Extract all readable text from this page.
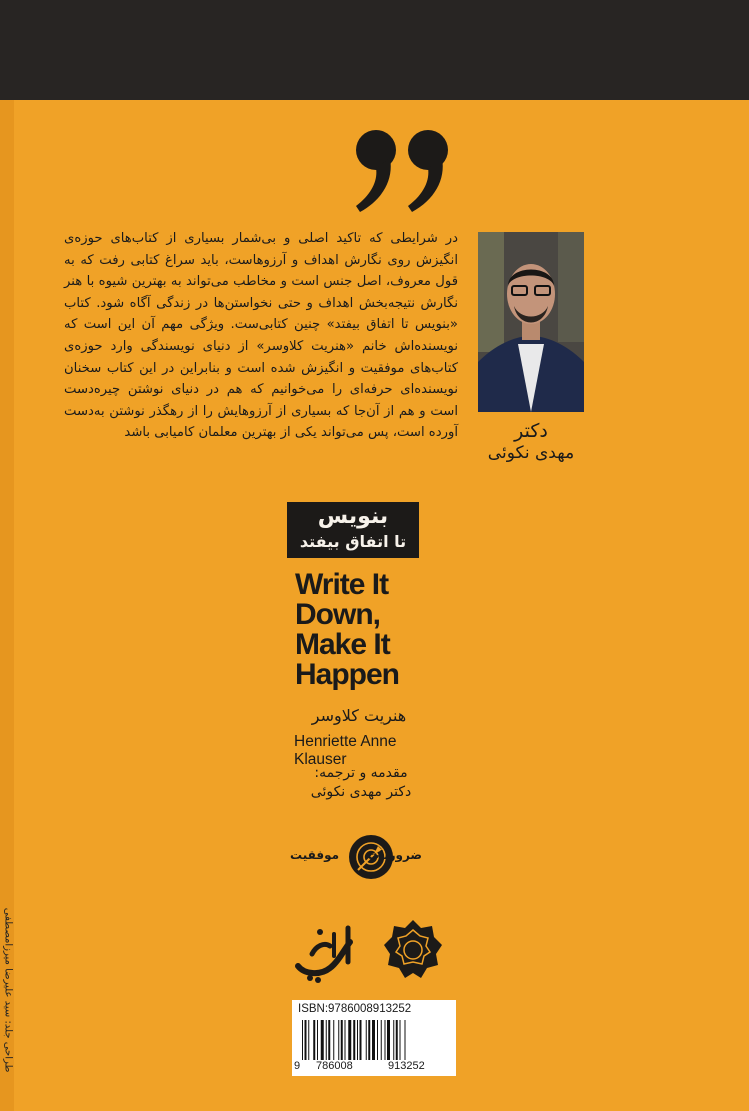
در شرایطی که تاکید اصلی و بی‌شمار بسیاری از کتاب‌های حوزه‌ی انگیزش روی نگارش اهداف و آرزوهاست، باید سراغ کتابی رفت که به قول معروف، اصل جنس است و مخاطب می‌تواند به بهترین شیوه با هنر نگارش نتیجه‌بخش اهداف و حتی نخواستن‌ها در زندگی آگاه شود. کتاب «بنویس تا اتفاق بیفتد» چنین کتابی‌ست. ویژگی مهم آن این است که نویسنده‌اش خانم «هنریت کلاوسر» از دنیای نویسندگی وارد حوزه‌ی کتاب‌های موفقیت و انگیزش شده است و بنابراین در این کتاب سخنان نویسنده‌ای حرفه‌ای را می‌خوانیم که هم در دنیای نوشتن چیره‌دست است و هم از آن‌جا که بسیاری از آرزوهایش را از رهگذر نوشتن به‌دست آورده است، پس می‌تواند یکی از بهترین معلمان کامیابی باشد	دکتر
مهدی نکوئی
بنویس
تا اتفاق بیفتد
Write It
Down,
Make It
Happen
هنریت کلاوسر
Henriette Anne Klauser
مقدمه و ترجمه:
دکتر مهدی نکوئی
موفقیت ضروریات
ISBN:9786008913252
9 786008	913252
طراحی جلد: سید علیرضا میرزامصطفی
